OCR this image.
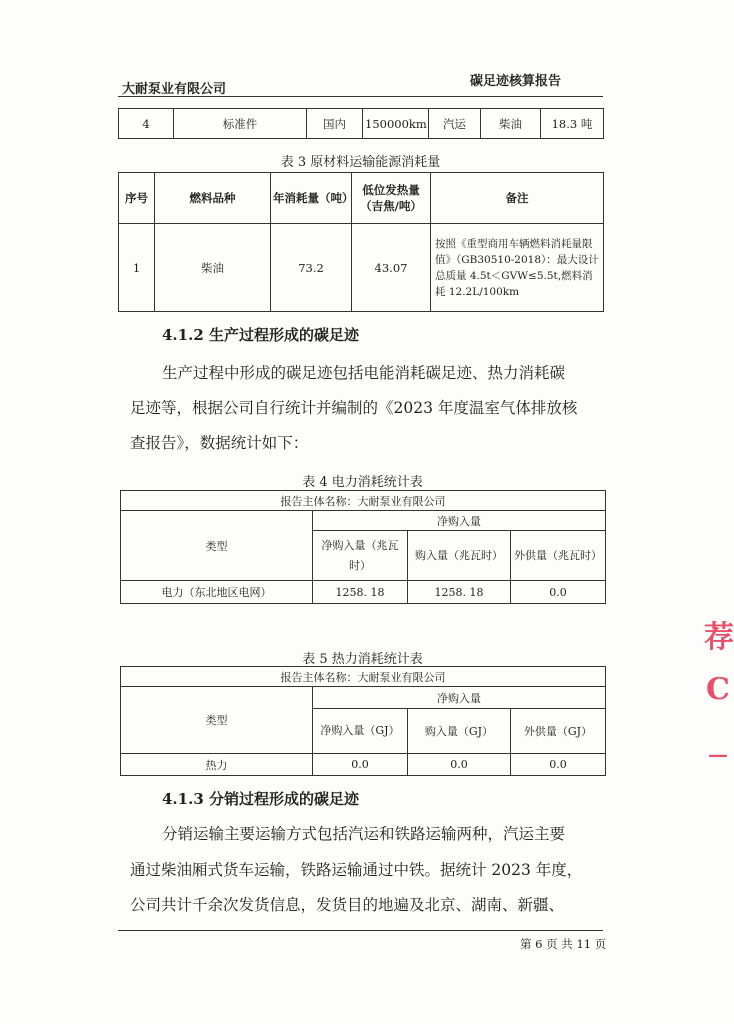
大耐泵业有限公司
碳足迹核算报告
4	标准件	国内	150000km	汽运	柴油	18.3 吨
表 3 原材料运输能源消耗量
序号	燃料品种	年消耗量（吨）	低位发热量（吉焦/吨）	备注
1	柴油	73.2	43.07	按照《重型商用车辆燃料消耗量限值》（GB30510-2018）：最大设计总质量 4.5t＜GVW≤5.5t,燃料消耗 12.2L/100km
4.1.2 生产过程形成的碳足迹
生产过程中形成的碳足迹包括电能消耗碳足迹、热力消耗碳
足迹等，根据公司自行统计并编制的《2023 年度温室气体排放核
查报告》，数据统计如下：
表 4 电力消耗统计表
报告主体名称：大耐泵业有限公司			
类型	净购入量		
	净购入量（兆瓦时）	购入量（兆瓦时）	外供量（兆瓦时）
电力（东北地区电网）	1258. 18	1258. 18	0.0
表 5 热力消耗统计表
报告主体名称：大耐泵业有限公司			
类型	净购入量		
	净购入量（GJ）	购入量（GJ）	外供量（GJ）
热力	0.0	0.0	0.0
4.1.3 分销过程形成的碳足迹
分销运输主要运输方式包括汽运和铁路运输两种，汽运主要
通过柴油厢式货车运输，铁路运输通过中铁。据统计 2023 年度，
公司共计千余次发货信息，发货目的地遍及北京、湖南、新疆、
第 6 页 共 11 页
荐
C
—
